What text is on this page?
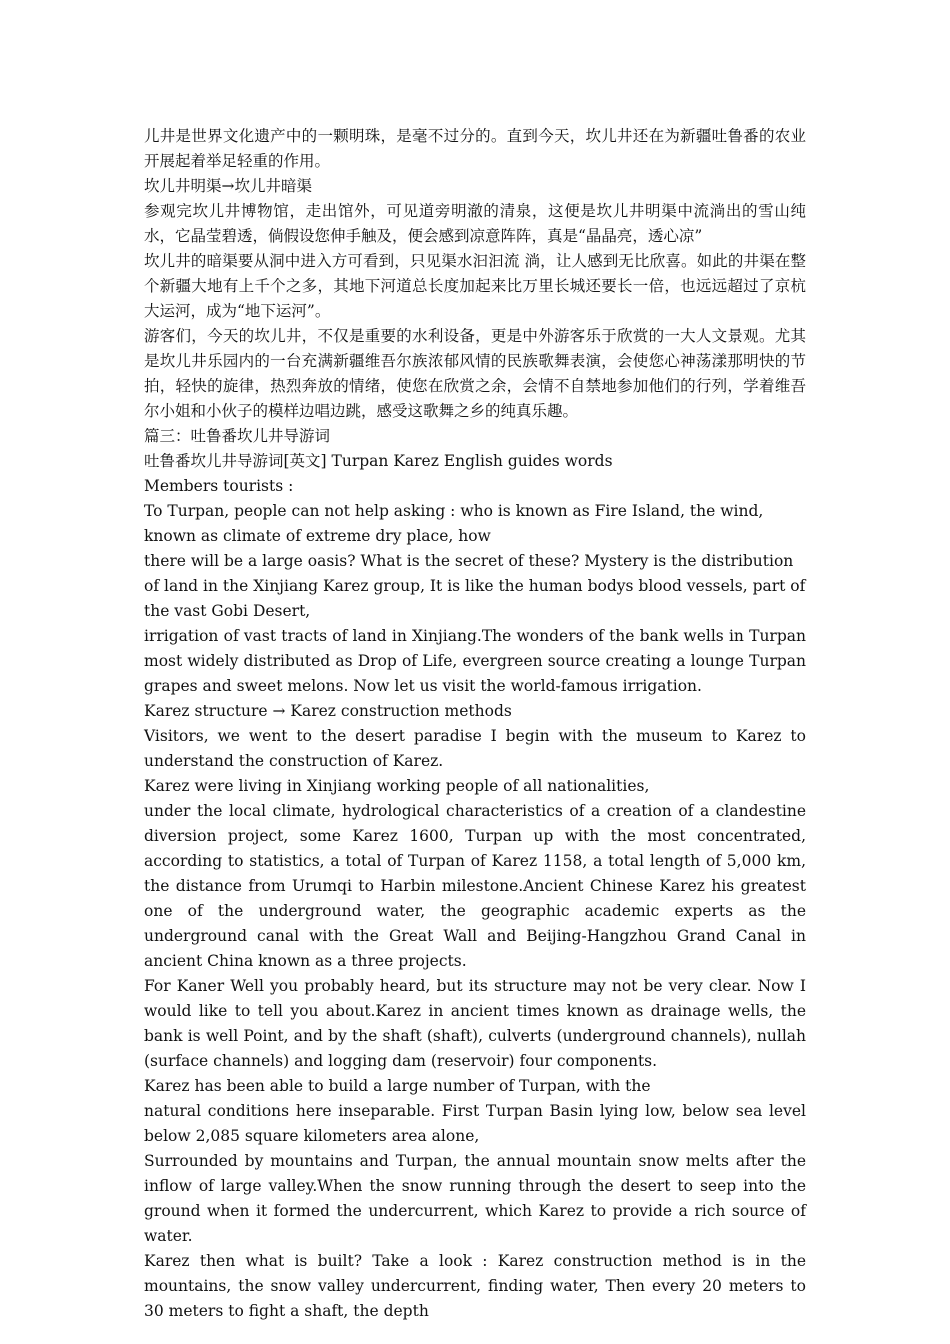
儿井是世界文化遗产中的一颗明珠，是毫不过分的。直到今天，坎儿井还在为新疆吐鲁番的农业开展起着举足轻重的作用。

坎儿井明渠→坎儿井暗渠

参观完坎儿井博物馆，走出馆外，可见道旁明澈的清泉，这便是坎儿井明渠中流淌出的雪山纯水，它晶莹碧透，倘假设您伸手触及，便会感到凉意阵阵，真是“晶晶亮，透心凉”

坎儿井的暗渠要从洞中进入方可看到，只见渠水汩汩流 淌，让人感到无比欣喜。如此的井渠在整个新疆大地有上千个之多，其地下河道总长度加起来比万里长城还要长一倍，也远远超过了京杭大运河，成为“地下运河”。

游客们，今天的坎儿井，不仅是重要的水利设备，更是中外游客乐于欣赏的一大人文景观。尤其是坎儿井乐园内的一台充满新疆维吾尔族浓郁风情的民族歌舞表演，会使您心神荡漾那明快的节拍，轻快的旋律，热烈奔放的情绪，使您在欣赏之余，会情不自禁地参加他们的行列，学着维吾尔小姐和小伙子的模样边唱边跳，感受这歌舞之乡的纯真乐趣。

篇三：吐鲁番坎儿井导游词

吐鲁番坎儿井导游词[英文] Turpan Karez English guides words

Members tourists :

To Turpan, people can not help asking : who is known as Fire Island, the wind, known as climate of extreme dry place, how

there will be a large oasis? What is the secret of these? Mystery is the distribution of land in the Xinjiang Karez group, It is like the human bodys blood vessels, part of the vast Gobi Desert,

irrigation of vast tracts of land in Xinjiang.The wonders of the bank wells in Turpan most widely distributed as Drop of Life, evergreen source creating a lounge Turpan grapes and sweet melons. Now let us visit the world-famous irrigation.

Karez structure → Karez construction methods

Visitors, we went to the desert paradise I begin with the museum to Karez to understand the construction of Karez.

Karez were living in Xinjiang working people of all nationalities,

under the local climate, hydrological characteristics of a creation of a clandestine diversion project, some Karez 1600, Turpan up with the most concentrated, according to statistics, a total of Turpan of Karez 1158, a total length of 5,000 km, the distance from Urumqi to Harbin milestone.Ancient Chinese Karez his greatest one of the underground water, the geographic academic experts as the underground canal with the Great Wall and Beijing-Hangzhou Grand Canal in ancient China known as a three projects.

For Kaner Well you probably heard, but its structure may not be very clear. Now I would like to tell you about.Karez in ancient times known as drainage wells, the bank is well Point, and by the shaft (shaft), culverts (underground channels), nullah (surface channels) and logging dam (reservoir) four components.

Karez has been able to build a large number of Turpan, with the

natural conditions here inseparable. First Turpan Basin lying low, below sea level below 2,085 square kilometers area alone,

Surrounded by mountains and Turpan, the annual mountain snow melts after the inflow of large valley.When the snow running through the desert to seep into the ground when it formed the undercurrent, which Karez to provide a rich source of water.

Karez then what is built? Take a look : Karez construction method is in the mountains, the snow valley undercurrent, finding water, Then every 20 meters to 30 meters to fight a shaft, the depth
